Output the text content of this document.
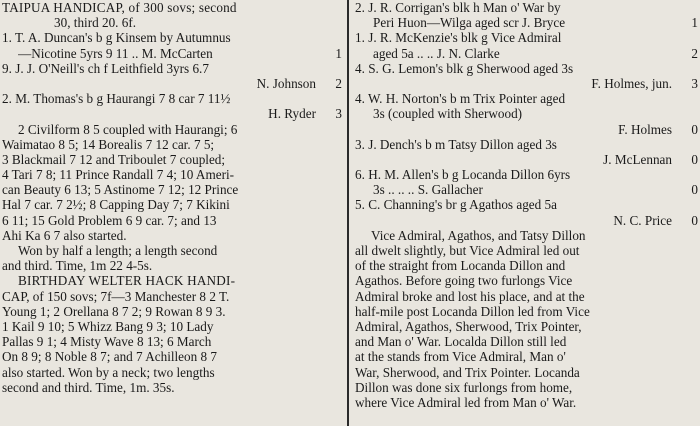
TAIPUA HANDICAP, of 300 sovs; second
30, third 20. 6f.
1. T. A. Duncan's b g Kinsem by Autumnus
—Nicotine 5yrs 9 11 .. M. McCarten	1
9. J. J. O'Neill's ch f Leithfield 3yrs 6.7
N. Johnson	2
2. M. Thomas's b g Haurangi 7 8 car 7 11½
H. Ryder	3
2 Civilform 8 5 coupled with Haurangi; 6
Waimatao 8 5; 14 Borealis 7 12 car. 7 5;
3 Blackmail 7 12 and Triboulet 7 coupled;
4 Tari 7 8; 11 Prince Randall 7 4; 10 Ameri-
can Beauty 6 13; 5 Astinome 7 12; 12 Prince
Hal 7 car. 7 2½; 8 Capping Day 7; 7 Kikini
6 11; 15 Gold Problem 6 9 car. 7; and 13
Ahi Ka 6 7 also started.
Won by half a length; a length second
and third. Time, 1m 22 4-5s.
BIRTHDAY WELTER HACK HANDI-
CAP, of 150 sovs; 7f—3 Manchester 8 2 T.
Young 1; 2 Orellana 8 7 2; 9 Rowan 8 9 3.
1 Kail 9 10; 5 Whizz Bang 9 3; 10 Lady
Pallas 9 1; 4 Misty Wave 8 13; 6 March
On 8 9; 8 Noble 8 7; and 7 Achilleon 8 7
also started. Won by a neck; two lengths
second and third. Time, 1m. 35s.
2. J. R. Corrigan's blk h Man o' War by
Peri Huon—Wilga aged scr J. Bryce	1
1. J. R. McKenzie's blk g Vice Admiral
aged 5a .. .. J. N. Clarke	2
4. S. G. Lemon's blk g Sherwood aged 3s
F. Holmes, jun.	3
4. W. H. Norton's b m Trix Pointer aged
3s (coupled with Sherwood)
F. Holmes	0
3. J. Dench's b m Tatsy Dillon aged 3s
J. McLennan	0
6. H. M. Allen's b g Locanda Dillon 6yrs
3s .. .. .. S. Gallacher	0
5. C. Channing's br g Agathos aged 5a
N. C. Price	0
Vice Admiral, Agathos, and Tatsy Dillon
all dwelt slightly, but Vice Admiral led out
of the straight from Locanda Dillon and
Agathos. Before going two furlongs Vice
Admiral broke and lost his place, and at the
half-mile post Locanda Dillon led from Vice
Admiral, Agathos, Sherwood, Trix Pointer,
and Man o' War. Localda Dillon still led
at the stands from Vice Admiral, Man o'
War, Sherwood, and Trix Pointer. Locanda
Dillon was done six furlongs from home,
where Vice Admiral led from Man o' War.
